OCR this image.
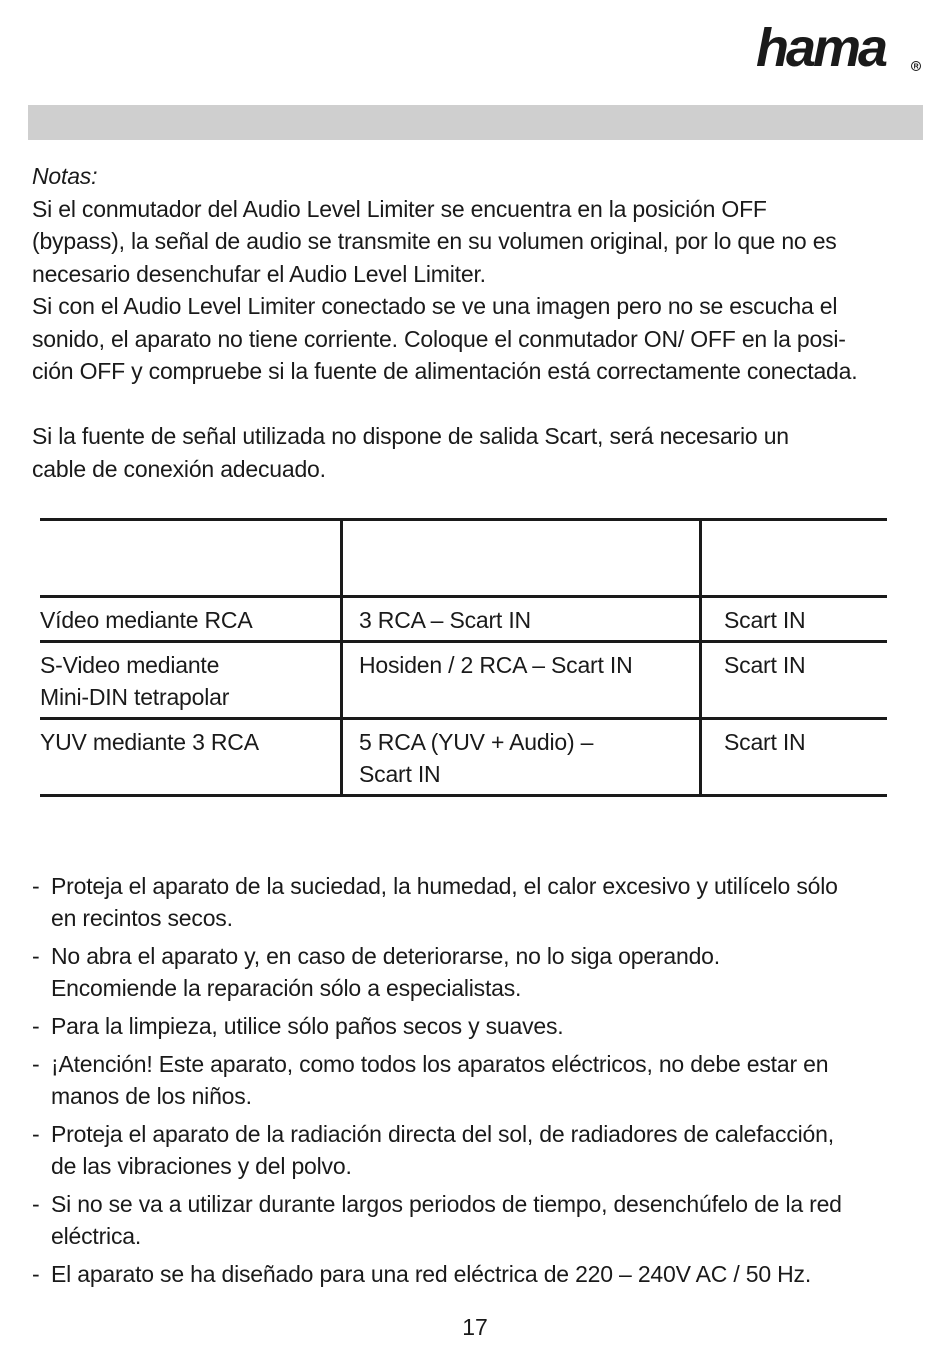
hama	R

Notas:

Si el conmutador del Audio Level Limiter se encuentra en la posición OFF

(bypass), la señal de audio se transmite en su volumen original, por lo que no es

necesario desenchufar el Audio Level Limiter.

Si con el Audio Level Limiter conectado se ve una imagen pero no se escucha el

sonido, el aparato no tiene corriente. Coloque el conmutador ON/ OFF en la posi-

ción OFF y compruebe si la fuente de alimentación está correctamente conectada.

Si la fuente de señal utilizada no dispone de salida Scart, será necesario un

cable de conexión adecuado.

Vídeo mediante RCA	3 RCA – Scart IN	Scart IN

S-Video mediante
Mini-DIN tetrapolar	Hosiden / 2 RCA – Scart IN	Scart IN

YUV mediante 3 RCA	5 RCA (YUV + Audio) –
Scart IN	Scart IN
- Proteja el aparato de la suciedad, la humedad, el calor excesivo y utilícelo sólo
en recintos secos.
- No abra el aparato y, en caso de deteriorarse, no lo siga operando.
Encomiende la reparación sólo a especialistas.
- Para la limpieza, utilice sólo paños secos y suaves.
- ¡Atención! Este aparato, como todos los aparatos eléctricos, no debe estar en
manos de los niños.
- Proteja el aparato de la radiación directa del sol, de radiadores de calefacción,
de las vibraciones y del polvo.
- Si no se va a utilizar durante largos periodos de tiempo, desenchúfelo de la red
eléctrica.
- El aparato se ha diseñado para una red eléctrica de 220 – 240V AC / 50 Hz.
17
